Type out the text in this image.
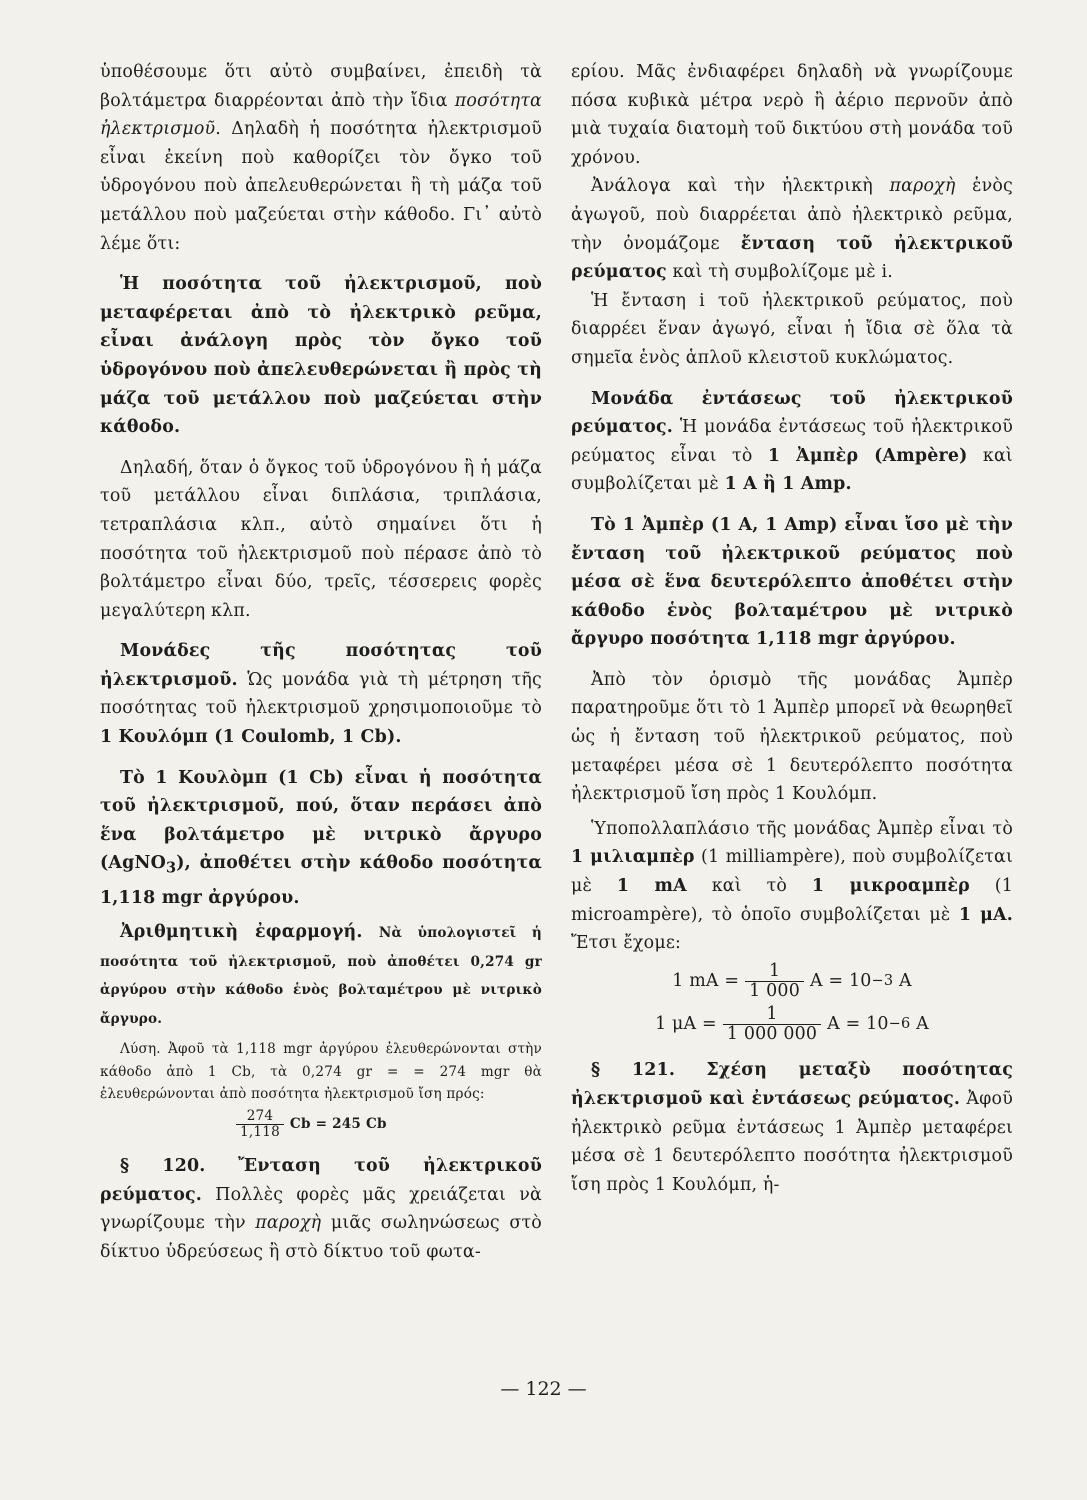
ὑποθέσουμε ὅτι αὐτὸ συμβαίνει, ἐπειδὴ τὰ βολτάμετρα διαρρέονται ἀπὸ τὴν ἴδια ποσότητα ἠλεκτρισμοῦ. Δηλαδὴ ἡ ποσότητα ἠλεκτρισμοῦ εἶναι ἐκείνη ποὺ καθορίζει τὸν ὄγκο τοῦ ὑδρογόνου ποὺ ἀπελευθερώνεται ἢ τὴ μάζα τοῦ μετάλλου ποὺ μαζεύεται στὴν κάθοδο. Γι᾿ αὐτὸ λέμε ὅτι:

Ἡ ποσότητα τοῦ ἠλεκτρισμοῦ, ποὺ μεταφέρεται ἀπὸ τὸ ἠλεκτρικὸ ρεῦμα, εἶναι ἀνάλογη πρὸς τὸν ὄγκο τοῦ ὑδρογόνου ποὺ ἀπελευθερώνεται ἢ πρὸς τὴ μάζα τοῦ μετάλλου ποὺ μαζεύεται στὴν κάθοδο.

Δηλαδή, ὅταν ὁ ὄγκος τοῦ ὑδρογόνου ἢ ἡ μάζα τοῦ μετάλλου εἶναι διπλάσια, τριπλάσια, τετραπλάσια κλπ., αὐτὸ σημαίνει ὅτι ἡ ποσότητα τοῦ ἠλεκτρισμοῦ ποὺ πέρασε ἀπὸ τὸ βολτάμετρο εἶναι δύο, τρεῖς, τέσσερεις φορὲς μεγαλύτερη κλπ.

Μονάδες τῆς ποσότητας τοῦ ἠλεκτρισμοῦ. Ὡς μονάδα γιὰ τὴ μέτρηση τῆς ποσότητας τοῦ ἠλεκτρισμοῦ χρησιμοποιοῦμε τὸ 1 Κουλόμπ (1 Coulomb, 1 Cb).

Τὸ 1 Κουλὸμπ (1 Cb) εἶναι ἡ ποσότητα τοῦ ἠλεκτρισμοῦ, πού, ὅταν περάσει ἀπὸ ἕνα βολτάμετρο μὲ νιτρικὸ ἄργυρο (AgNO$_3$), ἀποθέτει στὴν κάθοδο ποσότητα 1,118 mgr ἀργύρου.

Ἀριθμητικὴ ἐφαρμογή. Νὰ ὑπολογιστεῖ ἡ ποσότητα τοῦ ἠλεκτρισμοῦ, ποὺ ἀποθέτει 0,274 gr ἀργύρου στὴν κάθοδο ἑνὸς βολταμέτρου μὲ νιτρικὸ ἄργυρο.

Λύση. Ἀφοῦ τὰ 1,118 mgr ἀργύρου ἐλευθερώνονται στὴν κάθοδο ἀπὸ 1 Cb, τὰ 0,274 gr = = 274 mgr θὰ ἐλευθερώνονται ἀπὸ ποσότητα ἠλεκτρισμοῦ ἴση πρός:

$\frac{274}{1,118}$ Cb = 245 Cb

§ 120. Ἔνταση τοῦ ἠλεκτρικοῦ ρεύματος. Πολλὲς φορὲς μᾶς χρειάζεται νὰ γνωρίζουμε τὴν παροχὴ μιᾶς σωληνώσεως στὸ δίκτυο ὑδρεύσεως ἢ στὸ δίκτυο τοῦ φωτα-

ερίου. Μᾶς ἐνδιαφέρει δηλαδὴ νὰ γνωρίζουμε πόσα κυβικὰ μέτρα νερὸ ἢ ἀέριο περνοῦν ἀπὸ μιὰ τυχαία διατομὴ τοῦ δικτύου στὴ μονάδα τοῦ χρόνου.

Ἀνάλογα καὶ τὴν ἠλεκτρικὴ παροχὴ ἑνὸς ἀγωγοῦ, ποὺ διαρρέεται ἀπὸ ἠλεκτρικὸ ρεῦμα, τὴν ὀνομάζομε ἔνταση τοῦ ἠλεκτρικοῦ ρεύματος καὶ τὴ συμβολίζομε μὲ i.

Ἡ ἔνταση i τοῦ ἠλεκτρικοῦ ρεύματος, ποὺ διαρρέει ἕναν ἀγωγό, εἶναι ἡ ἴδια σὲ ὅλα τὰ σημεῖα ἑνὸς ἁπλοῦ κλειστοῦ κυκλώματος.

Μονάδα ἐντάσεως τοῦ ἠλεκτρικοῦ ρεύματος. Ἡ μονάδα ἐντάσεως τοῦ ἠλεκτρικοῦ ρεύματος εἶναι τὸ 1 Ἀμπὲρ (Ampère) καὶ συμβολίζεται μὲ 1 A ἢ 1 Amp.

Τὸ 1 Ἀμπὲρ (1 A, 1 Amp) εἶναι ἴσο μὲ τὴν ἔνταση τοῦ ἠλεκτρικοῦ ρεύματος ποὺ μέσα σὲ ἕνα δευτερόλεπτο ἀποθέτει στὴν κάθοδο ἑνὸς βολταμέτρου μὲ νιτρικὸ ἄργυρο ποσότητα 1,118 mgr ἀργύρου.

Ἀπὸ τὸν ὁρισμὸ τῆς μονάδας Ἀμπὲρ παρατηροῦμε ὅτι τὸ 1 Ἀμπὲρ μπορεῖ νὰ θεωρηθεῖ ὡς ἡ ἔνταση τοῦ ἠλεκτρικοῦ ρεύματος, ποὺ μεταφέρει μέσα σὲ 1 δευτερόλεπτο ποσότητα ἠλεκτρισμοῦ ἴση πρὸς 1 Κουλόμπ.

Ὑποπολλαπλάσιο τῆς μονάδας Ἀμπὲρ εἶναι τὸ 1 μιλιαμπὲρ (1 milliampère), ποὺ συμβολίζεται μὲ 1 mA καὶ τὸ 1 μικροαμπὲρ (1 microampère), τὸ ὁποῖο συμβολίζεται μὲ 1 μA. Ἔτσι ἔχομε:

1 mA = $\frac{1}{1 000}$ A = 10 −3
A
1 $\mu A = \frac{1}{1 000 000}$ A = 10 −6
A

§ 121. Σχέση μεταξὺ ποσότητας ἠλεκτρισμοῦ καὶ ἐντάσεως ρεύματος. Ἀφοῦ ἠλεκτρικὸ ρεῦμα ἐντάσεως 1 Ἀμπὲρ μεταφέρει μέσα σὲ 1 δευτερόλεπτο ποσότητα ἠλεκτρισμοῦ ἴση πρὸς 1 Κουλόμπ, ἡ-

— 122 —
